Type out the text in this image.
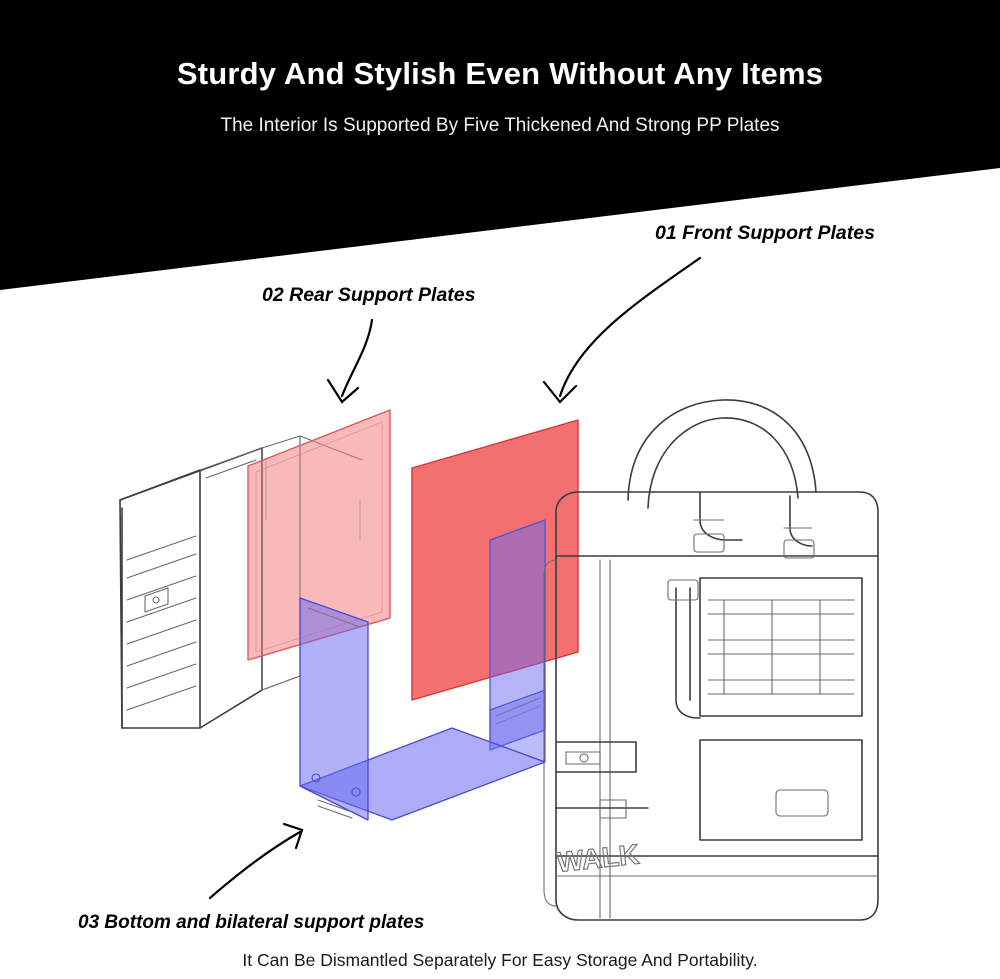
Sturdy And Stylish Even Without Any Items
The Interior Is Supported By Five Thickened And Strong PP Plates
WALK
01 Front Support Plates
02 Rear Support Plates
03 Bottom and bilateral support plates
It Can Be Dismantled Separately For Easy Storage And Portability.
